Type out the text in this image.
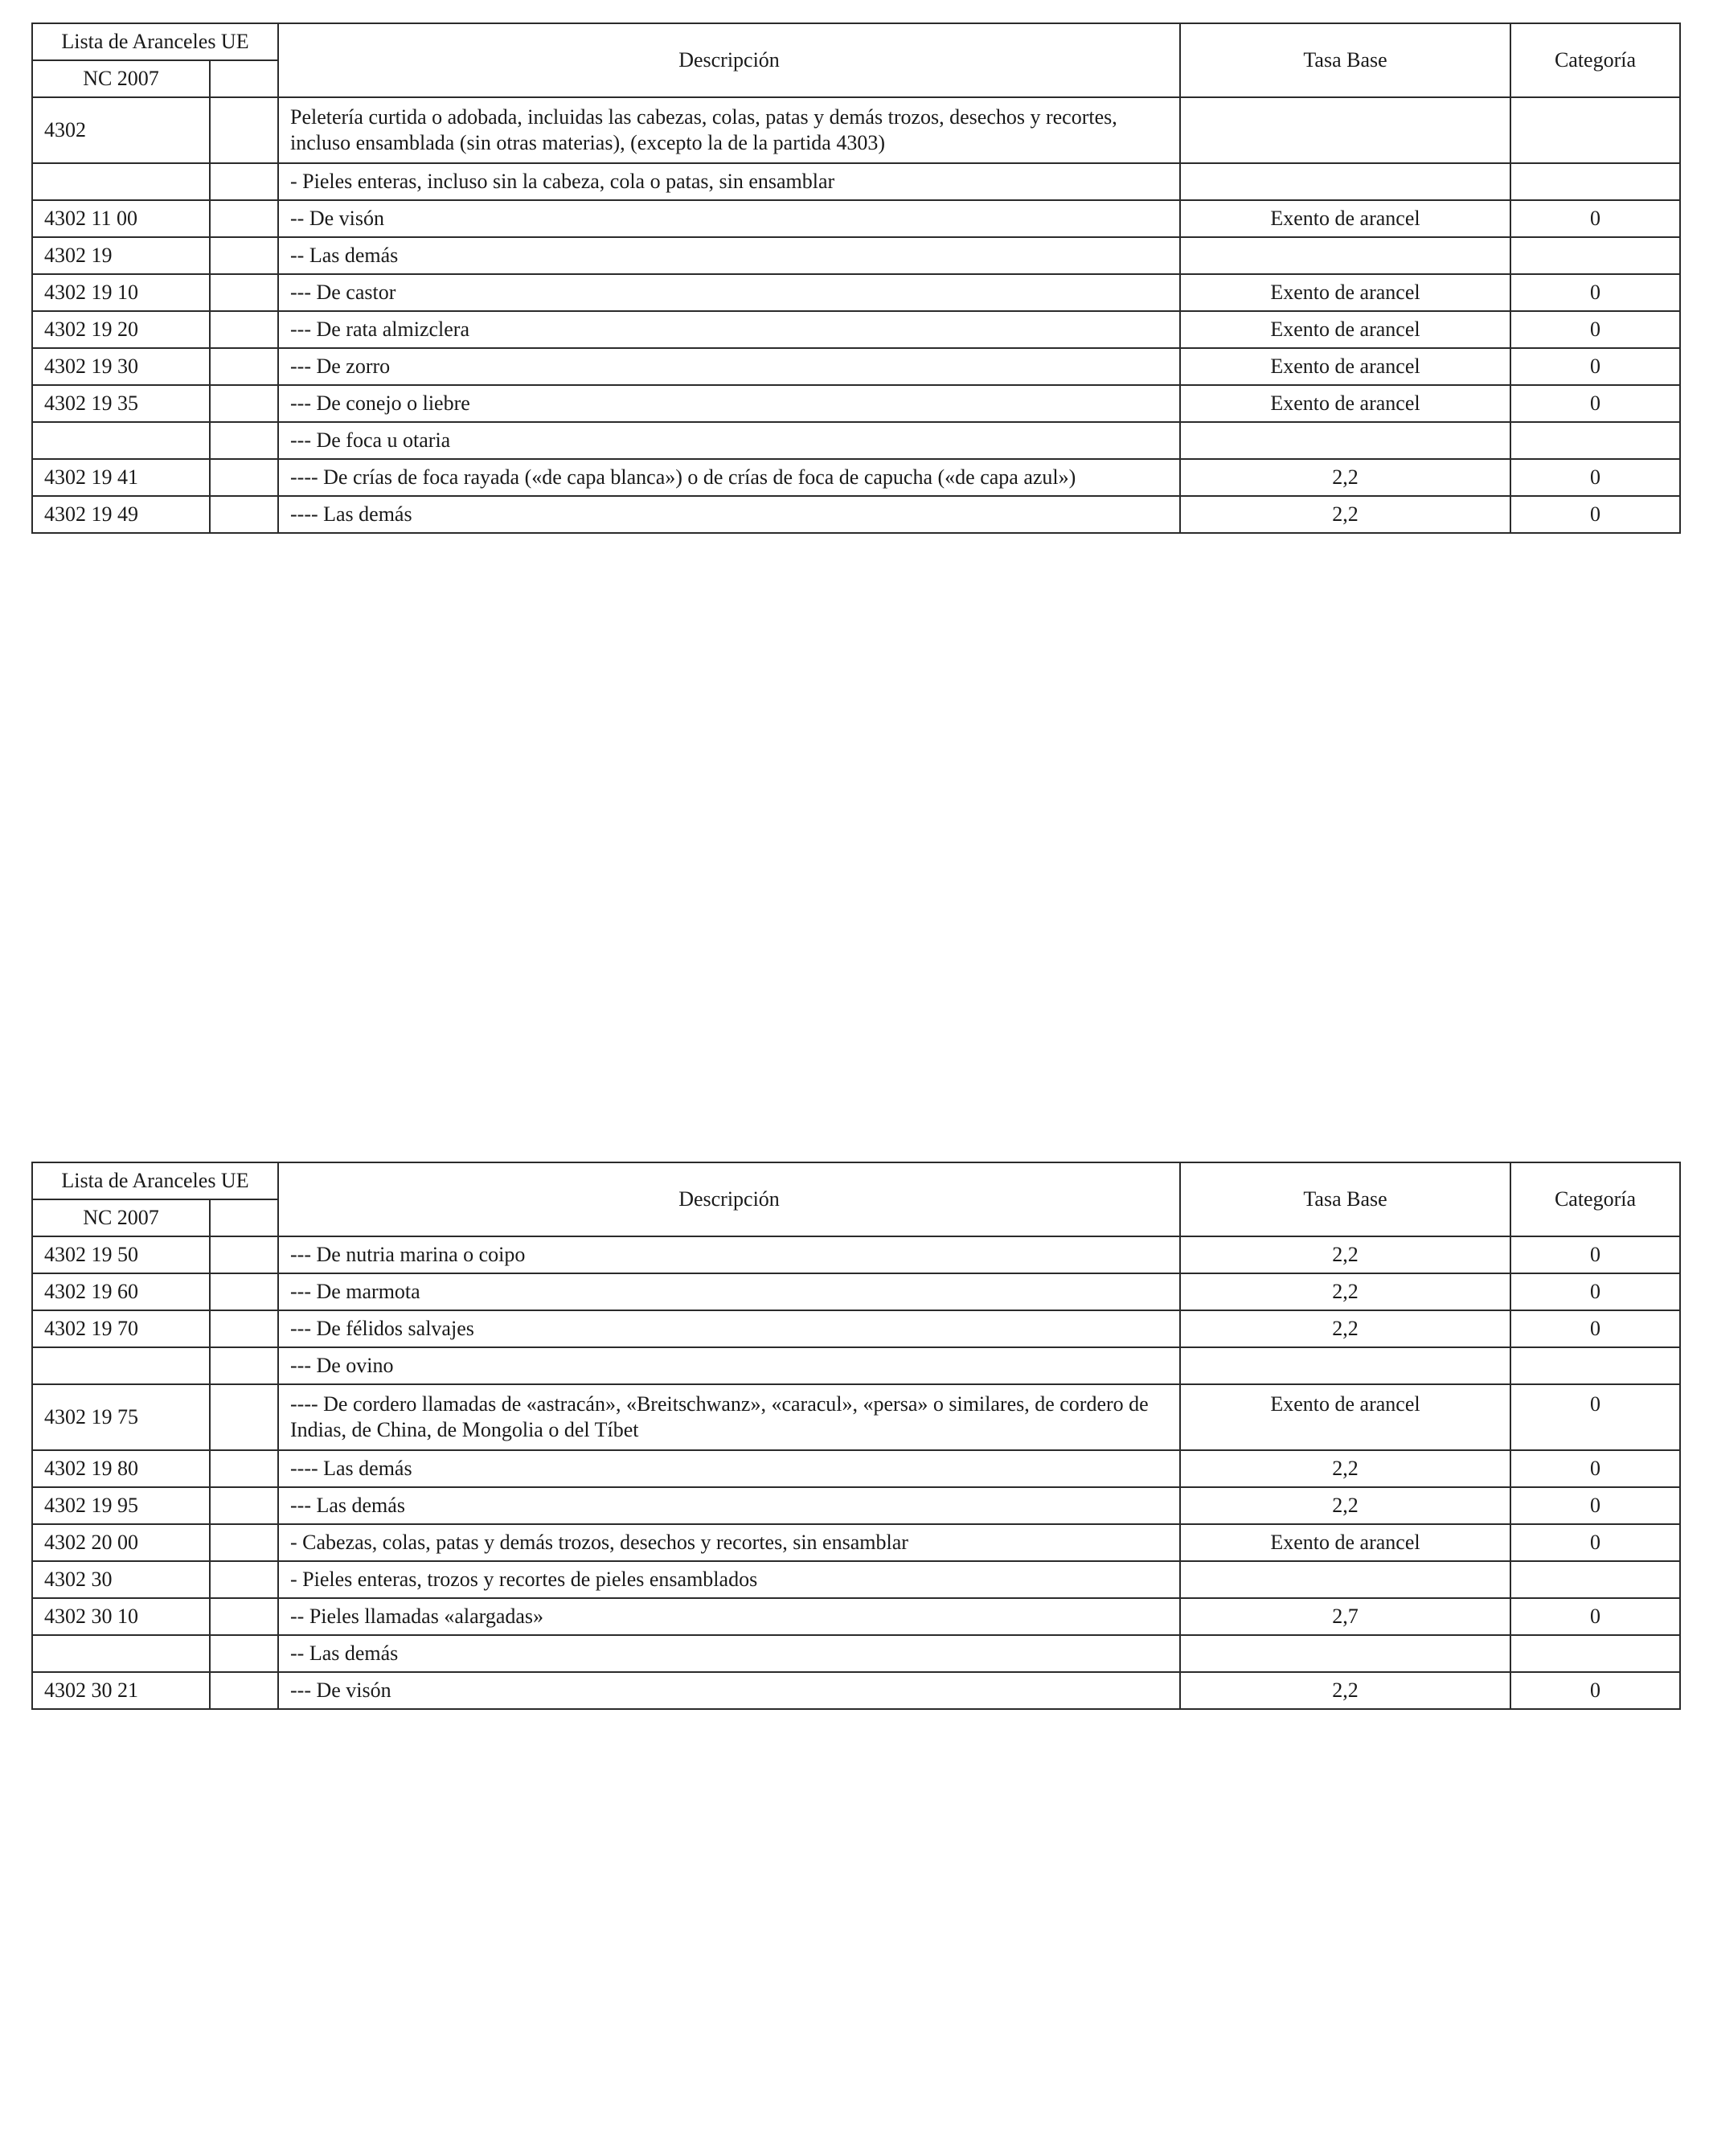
Lista de Aranceles UE		Descripción	Tasa Base	Categoría
NC 2007				
4302		Peletería curtida o adobada, incluidas las cabezas, colas, patas y demás trozos, desechos y recortes, incluso ensamblada (sin otras materias), (excepto la de la partida 4303)		
		- Pieles enteras, incluso sin la cabeza, cola o patas, sin ensamblar		
4302 11 00		-- De visón	Exento de arancel	0
4302 19		-- Las demás		
4302 19 10		--- De castor	Exento de arancel	0
4302 19 20		--- De rata almizclera	Exento de arancel	0
4302 19 30		--- De zorro	Exento de arancel	0
4302 19 35		--- De conejo o liebre	Exento de arancel	0
		--- De foca u otaria		
4302 19 41		---- De crías de foca rayada («de capa blanca») o de crías de foca de capucha («de capa azul»)	2,2	0
4302 19 49		---- Las demás	2,2	0
Lista de Aranceles UE		Descripción	Tasa Base	Categoría
NC 2007				
4302 19 50		--- De nutria marina o coipo	2,2	0
4302 19 60		--- De marmota	2,2	0
4302 19 70		--- De félidos salvajes	2,2	0
		--- De ovino		
4302 19 75		---- De cordero llamadas de «astracán», «Breitschwanz», «caracul», «persa» o similares, de cordero de Indias, de China, de Mongolia o del Tíbet	Exento de arancel	0
4302 19 80		---- Las demás	2,2	0
4302 19 95		--- Las demás	2,2	0
4302 20 00		- Cabezas, colas, patas y demás trozos, desechos y recortes, sin ensamblar	Exento de arancel	0
4302 30		- Pieles enteras, trozos y recortes de pieles ensamblados		
4302 30 10		-- Pieles llamadas «alargadas»	2,7	0
		-- Las demás		
4302 30 21		--- De visón	2,2	0
